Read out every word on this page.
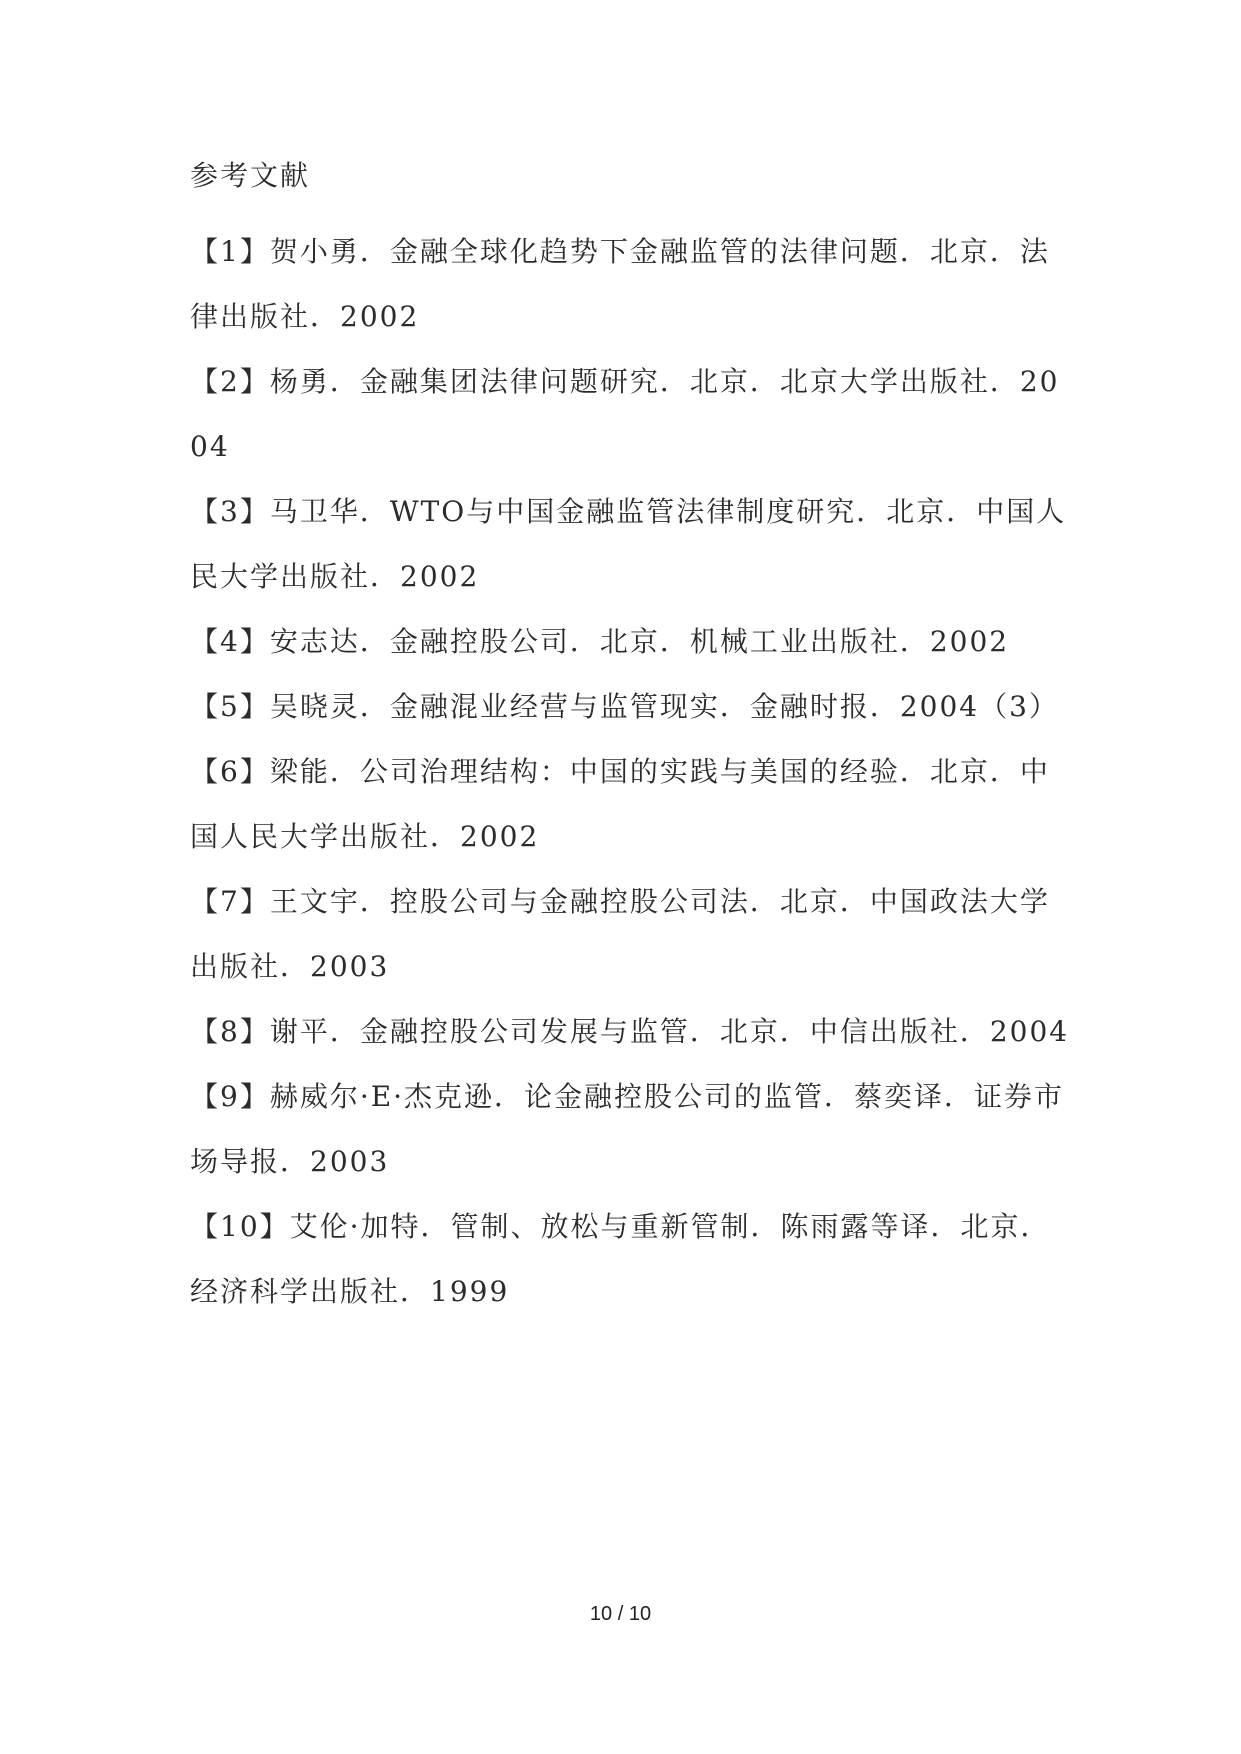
参考文献

【1】贺小勇．金融全球化趋势下金融监管的法律问题．北京．法律出版社．2002

【2】杨勇．金融集团法律问题研究．北京．北京大学出版社．2004

【3】马卫华．WTO与中国金融监管法律制度研究．北京．中国人民大学出版社．2002

【4】安志达．金融控股公司．北京．机械工业出版社．2002

【5】吴晓灵．金融混业经营与监管现实．金融时报．2004（3）

【6】梁能．公司治理结构：中国的实践与美国的经验．北京．中国人民大学出版社．2002

【7】王文宇．控股公司与金融控股公司法．北京．中国政法大学出版社．2003

【8】谢平．金融控股公司发展与监管．北京．中信出版社．2004

【9】赫威尔·E·杰克逊．论金融控股公司的监管．蔡奕译．证券市场导报．2003

【10】艾伦·加特．管制、放松与重新管制．陈雨露等译．北京．经济科学出版社．1999

10 / 10
